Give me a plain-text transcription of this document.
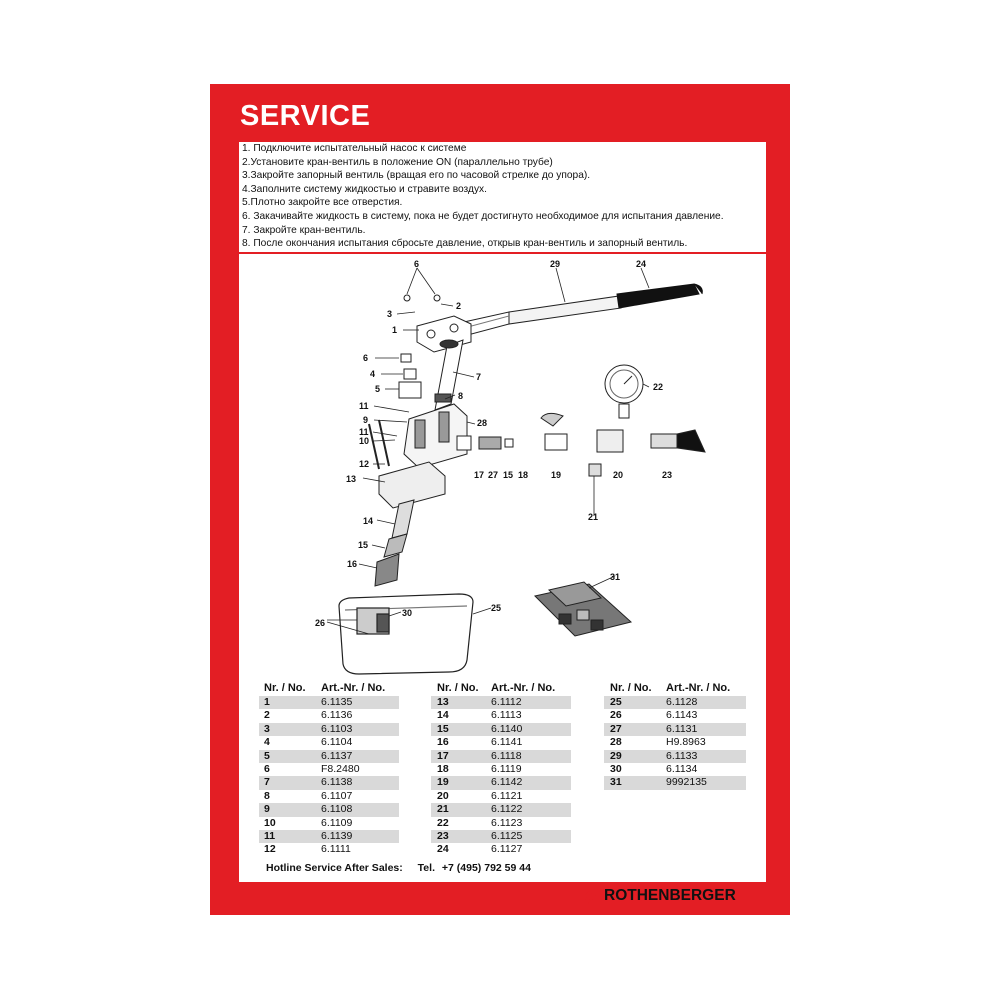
SERVICE
1. Подключите испытательный насос к системе
2.Установите кран-вентиль в положение ON (параллельно трубе)
3.Закройте запорный вентиль (вращая его по часовой стрелке до упора).
4.Заполните систему жидкостью и стравите воздух.
5.Плотно закройте все отверстия.
6. Закачивайте жидкость в систему, пока не будет достигнуто необходимое для испытания давление.
7. Закройте кран-вентиль.
8. После окончания испытания сбросьте давление, открыв кран-вентиль и запорный вентиль.
6	29	24
3
2
1
6
4
5
7
8
22
11
9	28
11
10
12
17 27 15 18	19	20	23
13
21
14
15
16
31
25
26
30
Nr. / No. Art.-Nr. / No.
1	6.1135
2	6.1136
3	6.1103
4	6.1104
5	6.1137
6	F8.2480
7	6.1138
8	6.1107
9	6.1108
10	6.1109
11	6.1139
12	6.1111
Nr. / No. Art.-Nr. / No.
13	6.1112
14	6.1113
15	6.1140
16	6.1141
17	6.1118
18	6.1119
19	6.1142
20	6.1121
21	6.1122
22	6.1123
23	6.1125
24	6.1127
Nr. / No. Art.-Nr. / No.
25	6.1128
26	6.1143
27	6.1131
28	H9.8963
29	6.1133
30	6.1134
31	9992135
Hotline Service After Sales: Tel. +7 (495) 792 59 44
ROTHENBERGER
